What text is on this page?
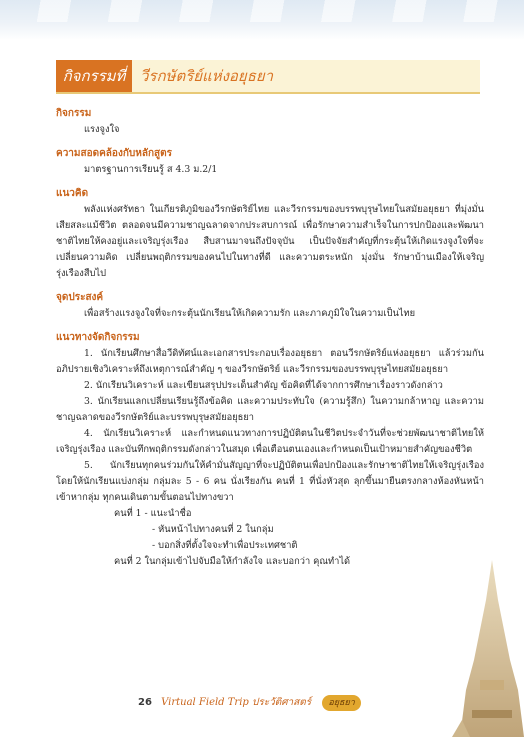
กิจกรรมที่ 2
วีรกษัตริย์แห่งอยุธยา
กิจกรรม

แรงจูงใจ

ความสอดคล้องกับหลักสูตร

มาตรฐานการเรียนรู้ ส 4.3 ม.2/1

แนวคิด

พลังแห่งศรัทธา ในเกียรติภูมิของวีรกษัตริย์ไทย และวีรกรรมของบรรพบุรุษไทยในสมัยอยุธยา ที่มุ่งมั่น เสียสละแม้ชีวิต ตลอดจนมีความชาญฉลาดจากประสบการณ์ เพื่อรักษาความสำเร็จในการปกป้องและพัฒนาชาติไทยให้คงอยู่และเจริญรุ่งเรือง สืบสานมาจนถึงปัจจุบัน เป็นปัจจัยสำคัญที่กระตุ้นให้เกิดแรงจูงใจที่จะเปลี่ยนความคิด เปลี่ยนพฤติกรรมของคนไปในทางที่ดี และความตระหนัก มุ่งมั่น รักษาบ้านเมืองให้เจริญรุ่งเรืองสืบไป

จุดประสงค์

เพื่อสร้างแรงจูงใจที่จะกระตุ้นนักเรียนให้เกิดความรัก และภาคภูมิใจในความเป็นไทย

แนวทางจัดกิจกรรม

1. นักเรียนศึกษาสื่อวีดิทัศน์และเอกสารประกอบเรื่องอยุธยา ตอนวีรกษัตริย์แห่งอยุธยา แล้วร่วมกันอภิปรายเชิงวิเคราะห์ถึงเหตุการณ์สำคัญ ๆ ของวีรกษัตริย์ และวีรกรรมของบรรพบุรุษไทยสมัยอยุธยา

2. นักเรียนวิเคราะห์ และเขียนสรุปประเด็นสำคัญ ข้อคิดที่ได้จากการศึกษาเรื่องราวดังกล่าว

3. นักเรียนแลกเปลี่ยนเรียนรู้ถึงข้อคิด และความประทับใจ (ความรู้สึก) ในความกล้าหาญ และความชาญฉลาดของวีรกษัตริย์และบรรพบุรุษสมัยอยุธยา

4. นักเรียนวิเคราะห์ และกำหนดแนวทางการปฏิบัติตนในชีวิตประจำวันที่จะช่วยพัฒนาชาติไทยให้เจริญรุ่งเรือง และบันทึกพฤติกรรมดังกล่าวในสมุด เพื่อเตือนตนเองและกำหนดเป็นเป้าหมายสำคัญของชีวิต

5. นักเรียนทุกคนร่วมกันให้คำมั่นสัญญาที่จะปฏิบัติตนเพื่อปกป้องและรักษาชาติไทยให้เจริญรุ่งเรือง โดยให้นักเรียนแบ่งกลุ่ม กลุ่มละ 5 - 6 คน นั่งเรียงกัน คนที่ 1 ที่นั่งหัวสุด ลุกขึ้นมายืนตรงกลางห้องหันหน้าเข้าหากลุ่ม ทุกคนเดินตามขั้นตอนไปทางขวา

คนที่ 1 - แนะนำชื่อ

- หันหน้าไปทางคนที่ 2 ในกลุ่ม

- บอกสิ่งที่ตั้งใจจะทำเพื่อประเทศชาติ

คนที่ 2 ในกลุ่มเข้าไปจับมือให้กำลังใจ และบอกว่า คุณทำได้

26 Virtual Field Trip ประวัติศาสตร์ อยุธยา
